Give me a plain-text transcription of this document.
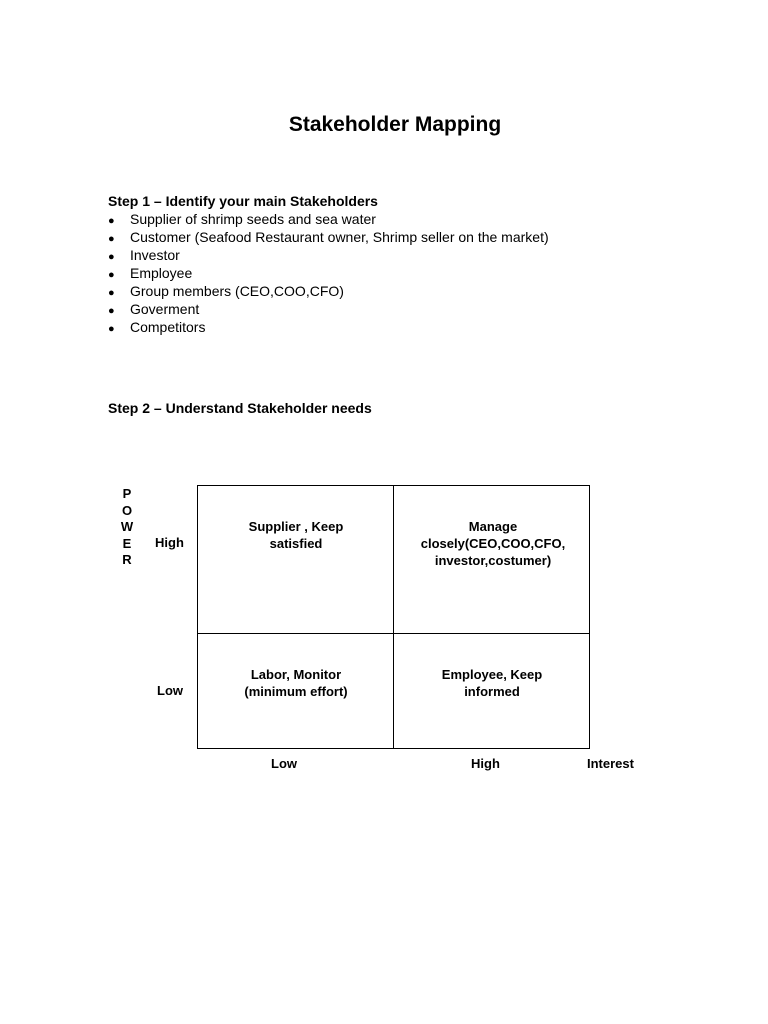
Stakeholder Mapping
Step 1 – Identify your main Stakeholders
● Supplier of shrimp seeds and sea water
● Customer (Seafood Restaurant owner, Shrimp seller on the market)
● Investor
● Employee
● Group members (CEO,COO,CFO)
● Goverment
● Competitors
Step 2 – Understand Stakeholder needs
P
O
W
E
R
High
Low
Supplier , Keep
satisfied
Manage
closely(CEO,COO,CFO,
investor,costumer)
Labor, Monitor
(minimum effort)
Employee, Keep
informed
Low	High	Interest
